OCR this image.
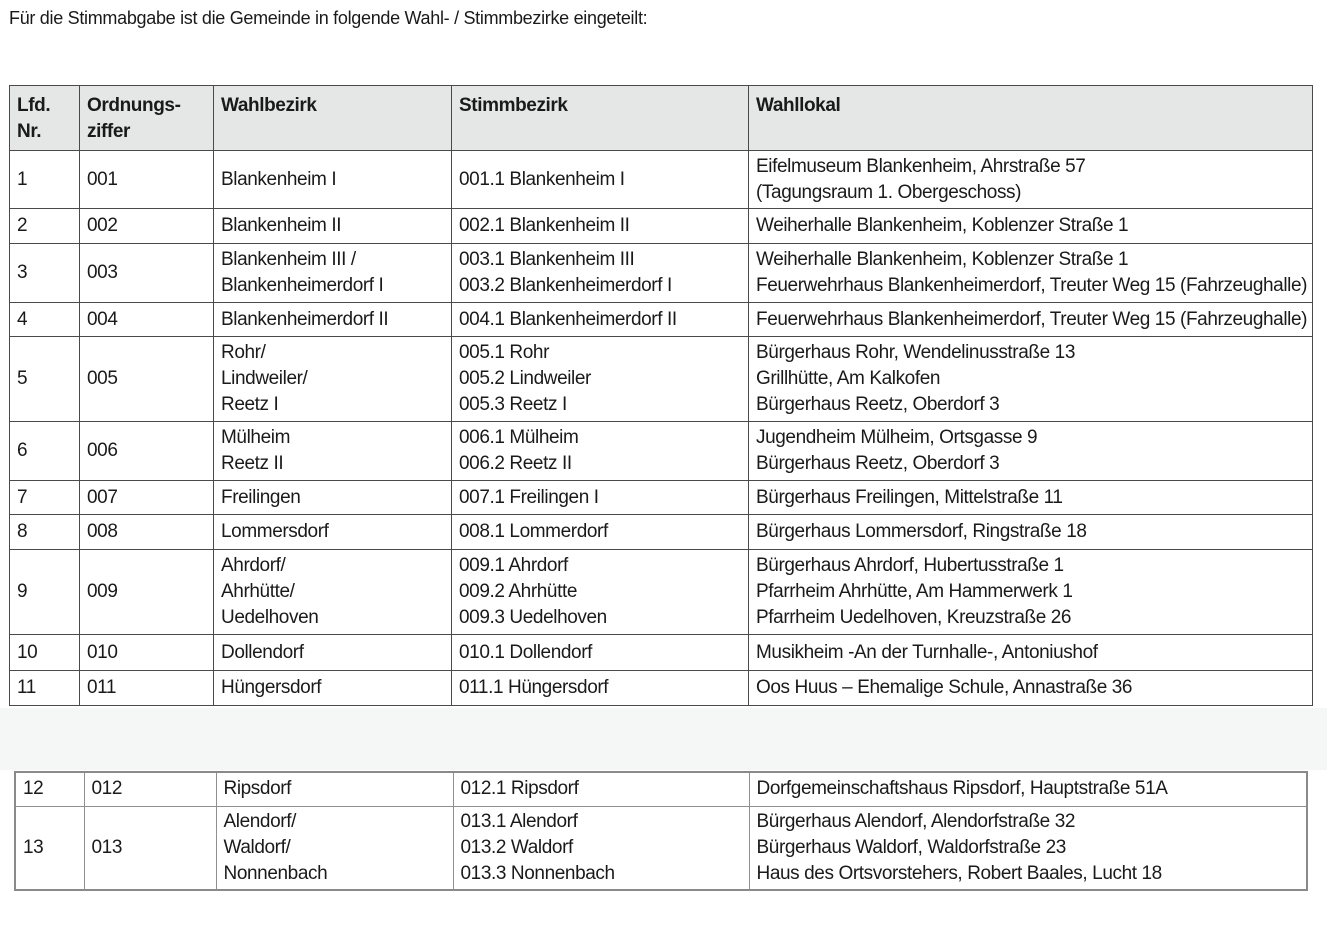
Für die Stimmabgabe ist die Gemeinde in folgende Wahl- / Stimmbezirke eingeteilt:
Lfd.
Nr.	Ordnungs-
ziffer	Wahlbezirk	Stimmbezirk	Wahllokal
1	001	Blankenheim I	001.1 Blankenheim I	Eifelmuseum Blankenheim, Ahrstraße 57
(Tagungsraum 1. Obergeschoss)

2	002	Blankenheim II	002.1 Blankenheim II	Weiherhalle Blankenheim, Koblenzer Straße 1

3	003	Blankenheim III /
Blankenheimerdorf I	003.1 Blankenheim III
003.2 Blankenheimerdorf I	Weiherhalle Blankenheim, Koblenzer Straße 1
Feuerwehrhaus Blankenheimerdorf, Treuter Weg 15 (Fahrzeughalle)

4	004	Blankenheimerdorf II	004.1 Blankenheimerdorf II	Feuerwehrhaus Blankenheimerdorf, Treuter Weg 15 (Fahrzeughalle)

5	005	Rohr/
Lindweiler/
Reetz I	005.1 Rohr
005.2 Lindweiler
005.3 Reetz I	Bürgerhaus Rohr, Wendelinusstraße 13
Grillhütte, Am Kalkofen
Bürgerhaus Reetz, Oberdorf 3

6	006	Mülheim
Reetz II	006.1 Mülheim
006.2 Reetz II	Jugendheim Mülheim, Ortsgasse 9
Bürgerhaus Reetz, Oberdorf 3

7	007	Freilingen	007.1 Freilingen I	Bürgerhaus Freilingen, Mittelstraße 11

8	008	Lommersdorf	008.1 Lommerdorf	Bürgerhaus Lommersdorf, Ringstraße 18

9	009	Ahrdorf/
Ahrhütte/
Uedelhoven	009.1 Ahrdorf
009.2 Ahrhütte
009.3 Uedelhoven	Bürgerhaus Ahrdorf, Hubertusstraße 1
Pfarrheim Ahrhütte, Am Hammerwerk 1
Pfarrheim Uedelhoven, Kreuzstraße 26

10	010	Dollendorf	010.1 Dollendorf	Musikheim -An der Turnhalle-, Antoniushof

11	011	Hüngersdorf	011.1 Hüngersdorf	Oos Huus – Ehemalige Schule, Annastraße 36
12	012	Ripsdorf	012.1 Ripsdorf	Dorfgemeinschaftshaus Ripsdorf, Hauptstraße 51A

13	013	Alendorf/
Waldorf/
Nonnenbach	013.1 Alendorf
013.2 Waldorf
013.3 Nonnenbach	Bürgerhaus Alendorf, Alendorfstraße 32
Bürgerhaus Waldorf, Waldorfstraße 23
Haus des Ortsvorstehers, Robert Baales, Lucht 18
